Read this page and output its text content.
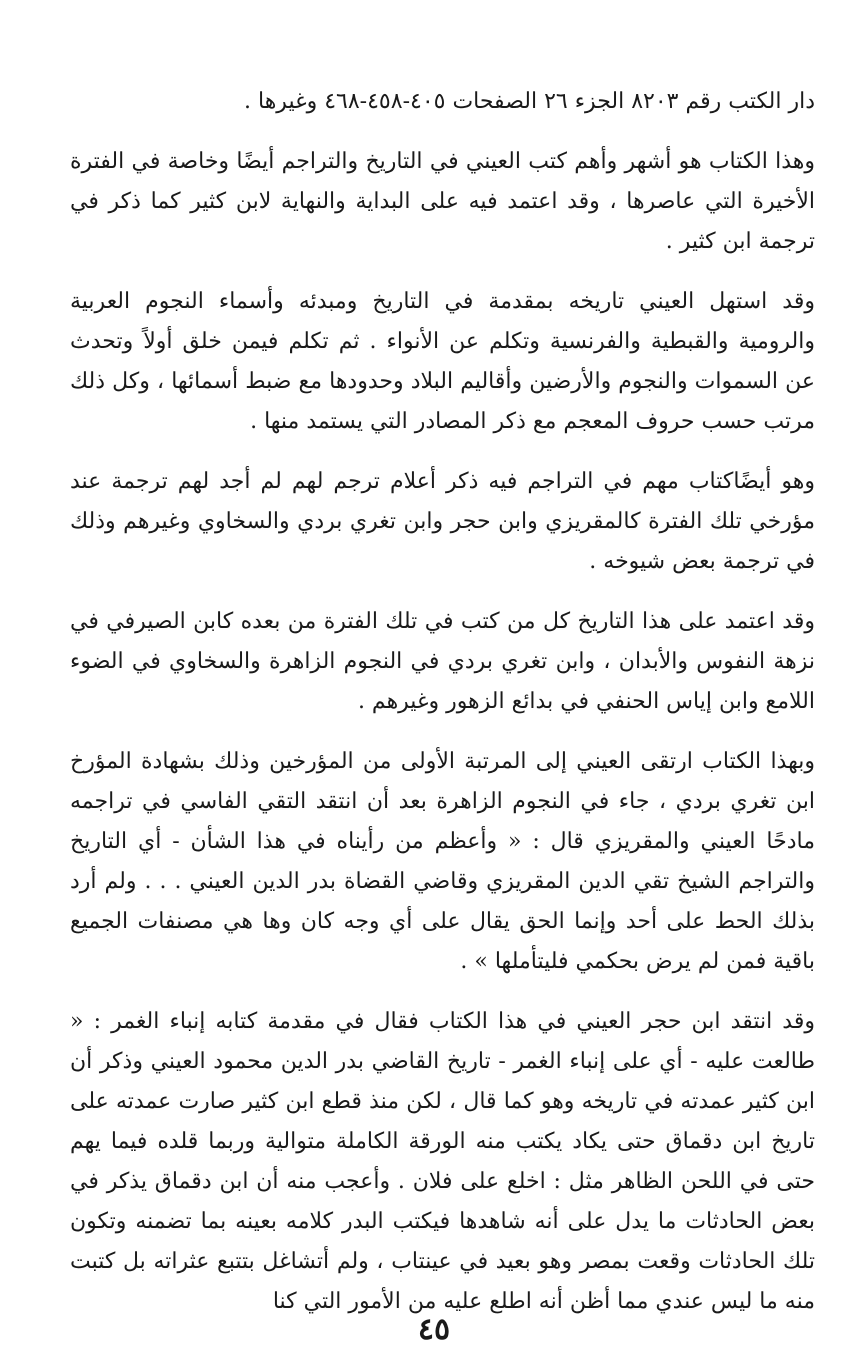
دار الكتب رقم ٨٢٠٣ الجزء ٢٦ الصفحات ٤٠٥-٤٥٨-٤٦٨ وغيرها .

وهذا الكتاب هو أشهر وأهم كتب العيني في التاريخ والتراجم أيضًا وخاصة في الفترة الأخيرة التي عاصرها ، وقد اعتمد فيه على البداية والنهاية لابن كثير كما ذكر في ترجمة ابن كثير .

وقد استهل العيني تاريخه بمقدمة في التاريخ ومبدئه وأسماء النجوم العربية والرومية والقبطية والفرنسية وتكلم عن الأنواء . ثم تكلم فيمن خلق أولاً وتحدث عن السموات والنجوم والأرضين وأقاليم البلاد وحدودها مع ضبط أسمائها ، وكل ذلك مرتب حسب حروف المعجم مع ذكر المصادر التي يستمد منها .

وهو أيضًاكتاب مهم في التراجم فيه ذكر أعلام ترجم لهم لم أجد لهم ترجمة عند مؤرخي تلك الفترة كالمقريزي وابن حجر وابن تغري بردي والسخاوي وغيرهم وذلك في ترجمة بعض شيوخه .

وقد اعتمد على هذا التاريخ كل من كتب في تلك الفترة من بعده كابن الصيرفي في نزهة النفوس والأبدان ، وابن تغري بردي في النجوم الزاهرة والسخاوي في الضوء اللامع وابن إياس الحنفي في بدائع الزهور وغيرهم .

وبهذا الكتاب ارتقى العيني إلى المرتبة الأولى من المؤرخين وذلك بشهادة المؤرخ ابن تغري بردي ، جاء في النجوم الزاهرة بعد أن انتقد التقي الفاسي في تراجمه مادحًا العيني والمقريزي قال : « وأعظم من رأيناه في هذا الشأن - أي التاريخ والتراجم الشيخ تقي الدين المقريزي وقاضي القضاة بدر الدين العيني . . . ولم أرد بذلك الحط على أحد وإنما الحق يقال على أي وجه كان وها هي مصنفات الجميع باقية فمن لم يرض بحكمي فليتأملها » .

وقد انتقد ابن حجر العيني في هذا الكتاب فقال في مقدمة كتابه إنباء الغمر : « طالعت عليه - أي على إنباء الغمر - تاريخ القاضي بدر الدين محمود العيني وذكر أن ابن كثير عمدته في تاريخه وهو كما قال ، لكن منذ قطع ابن كثير صارت عمدته على تاريخ ابن دقماق حتى يكاد يكتب منه الورقة الكاملة متوالية وربما قلده فيما يهم حتى في اللحن الظاهر مثل : اخلع على فلان . وأعجب منه أن ابن دقماق يذكر في بعض الحادثات ما يدل على أنه شاهدها فيكتب البدر كلامه بعينه بما تضمنه وتكون تلك الحادثات وقعت بمصر وهو بعيد في عينتاب ، ولم أتشاغل بتتبع عثراته بل كتبت منه ما ليس عندي مما أظن أنه اطلع عليه من الأمور التي كنا

٤٥
